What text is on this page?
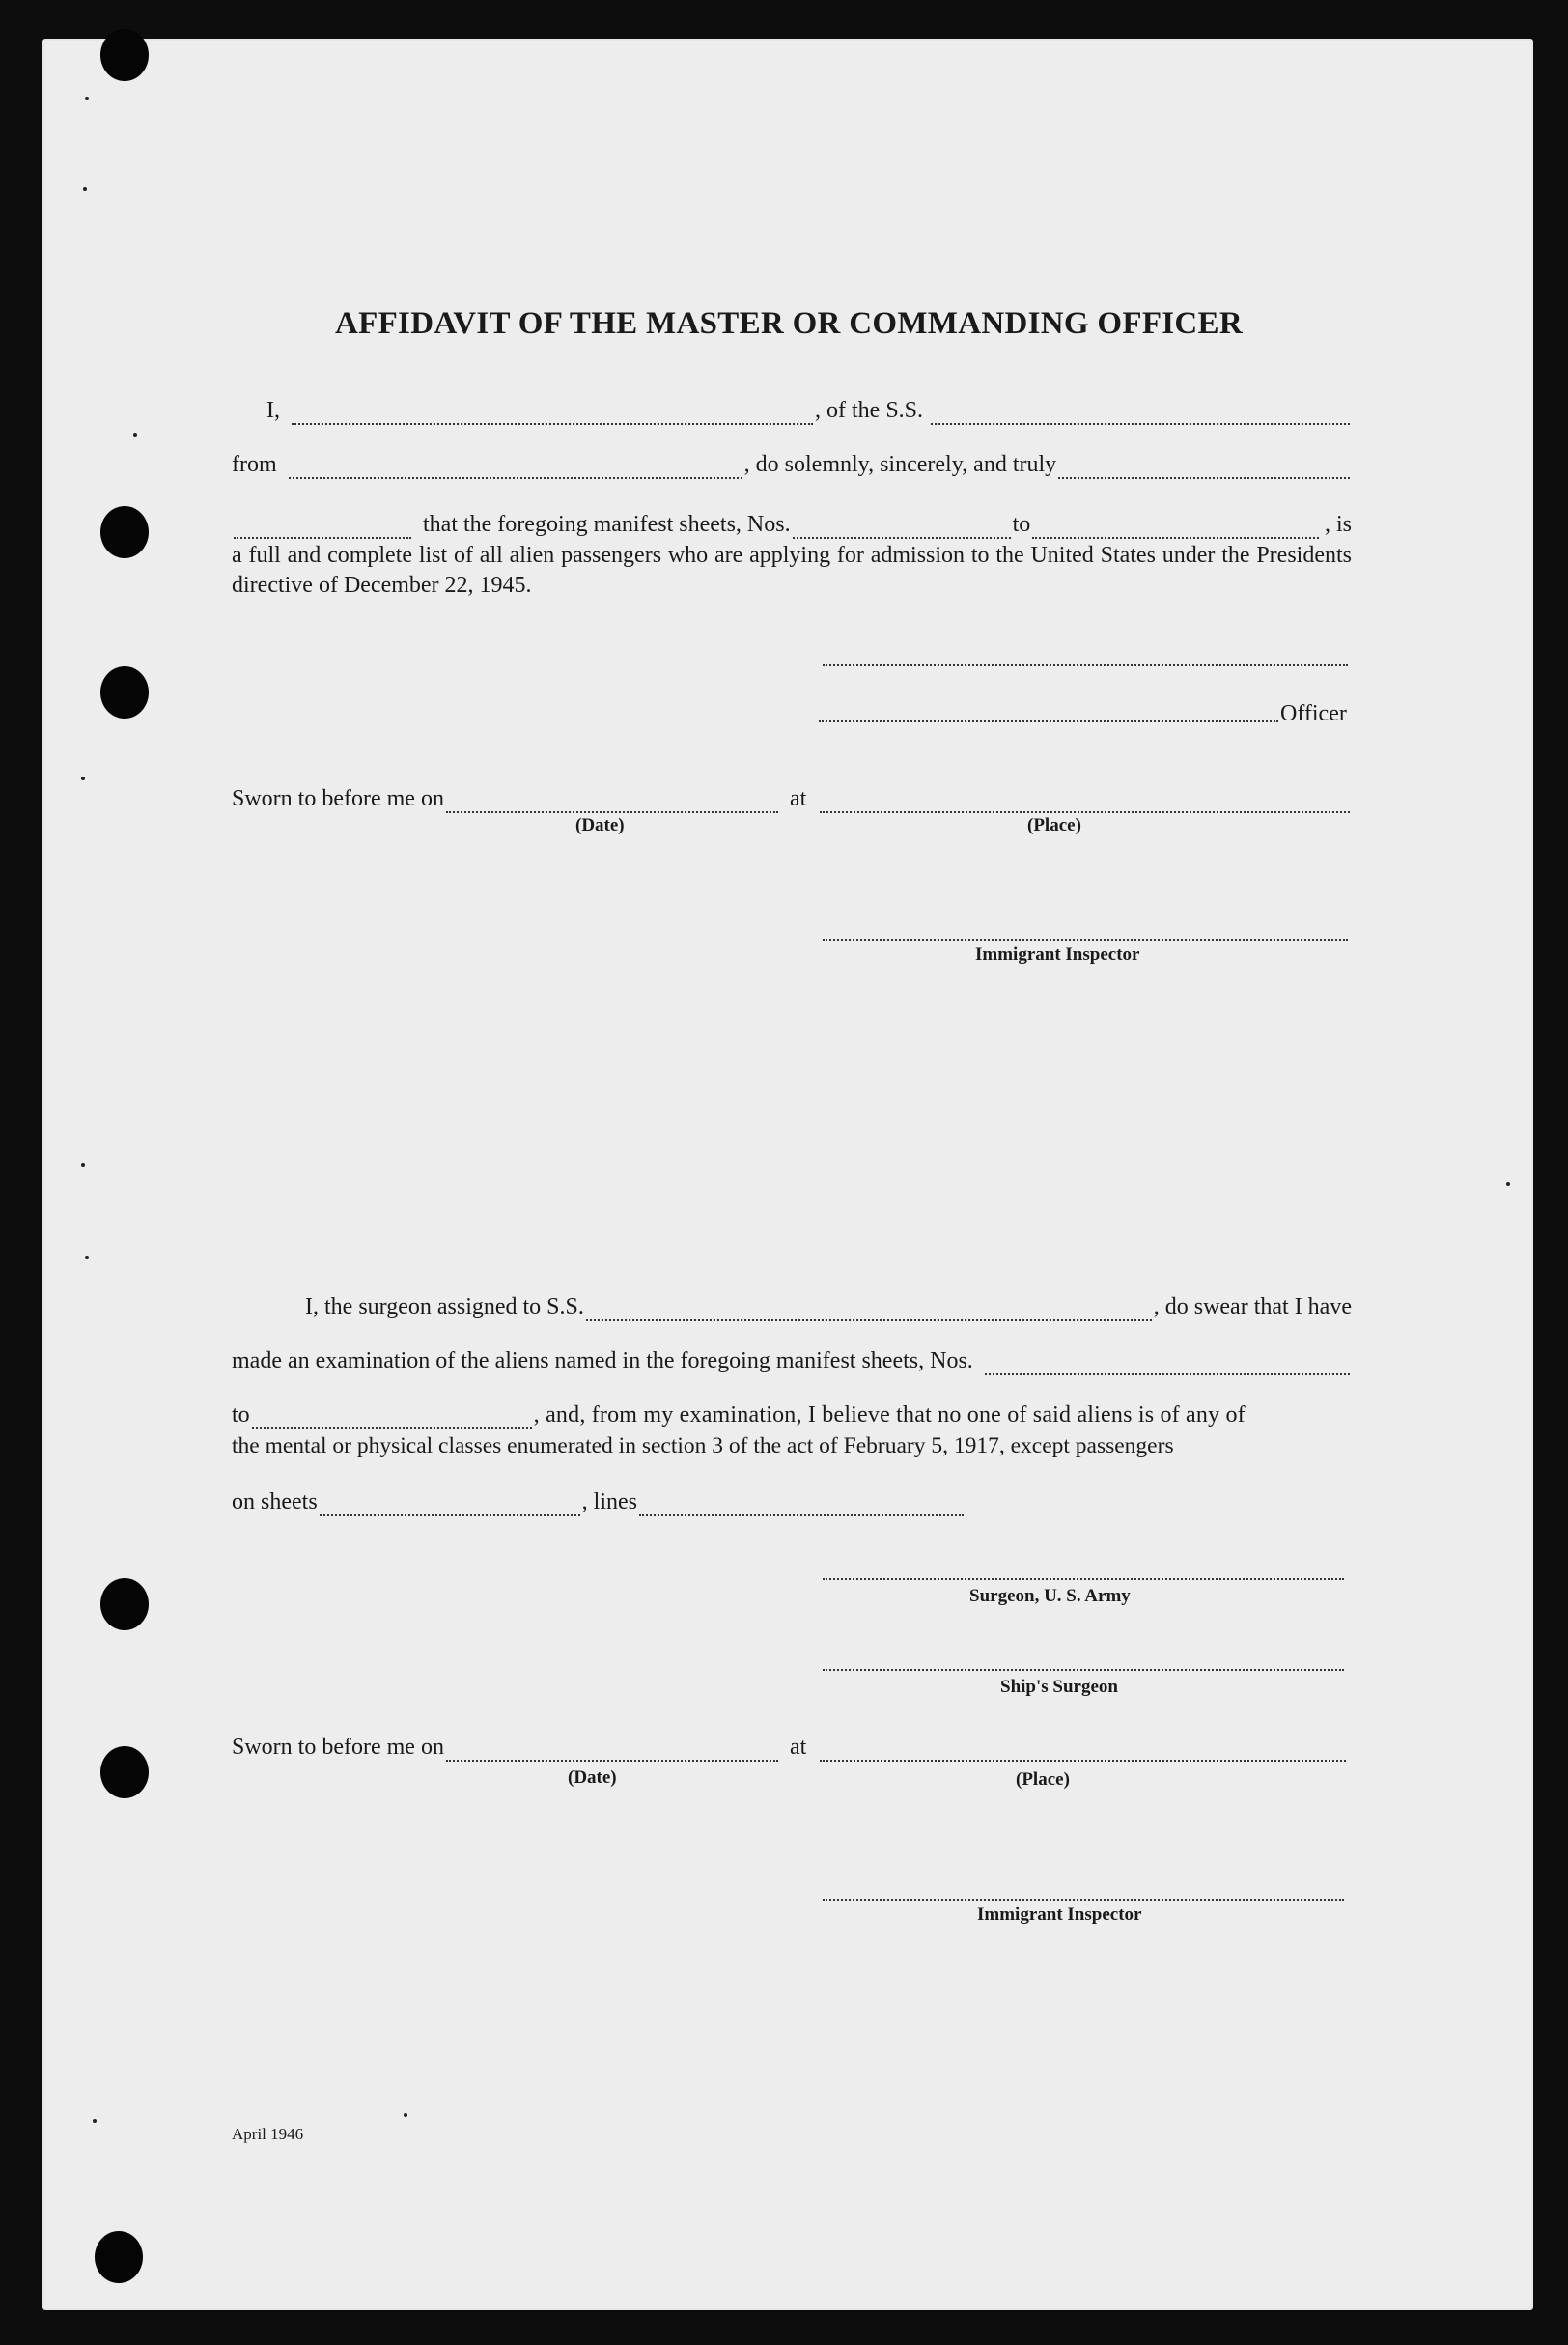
AFFIDAVIT OF THE MASTER OR COMMANDING OFFICER
I,	, of the S.S.
from	, do solemnly, sincerely, and truly
that the foregoing manifest sheets, Nos.	to	, is
a full and complete list of all alien passengers who are applying for admission to the United States under the Presidents directive of December 22, 1945.
Officer
Sworn to before me on	at
(Date)	(Place)
Immigrant Inspector
I, the surgeon assigned to S.S.	, do swear that I have
made an examination of the aliens named in the foregoing manifest sheets, Nos.
to	, and, from my examination, I believe that no one of said aliens is of any of
the mental or physical classes enumerated in section 3 of the act of February 5, 1917, except passengers
on sheets	, lines
Surgeon, U. S. Army
Ship's Surgeon
Sworn to before me on	at
(Date)	(Place)
Immigrant Inspector
April 1946
